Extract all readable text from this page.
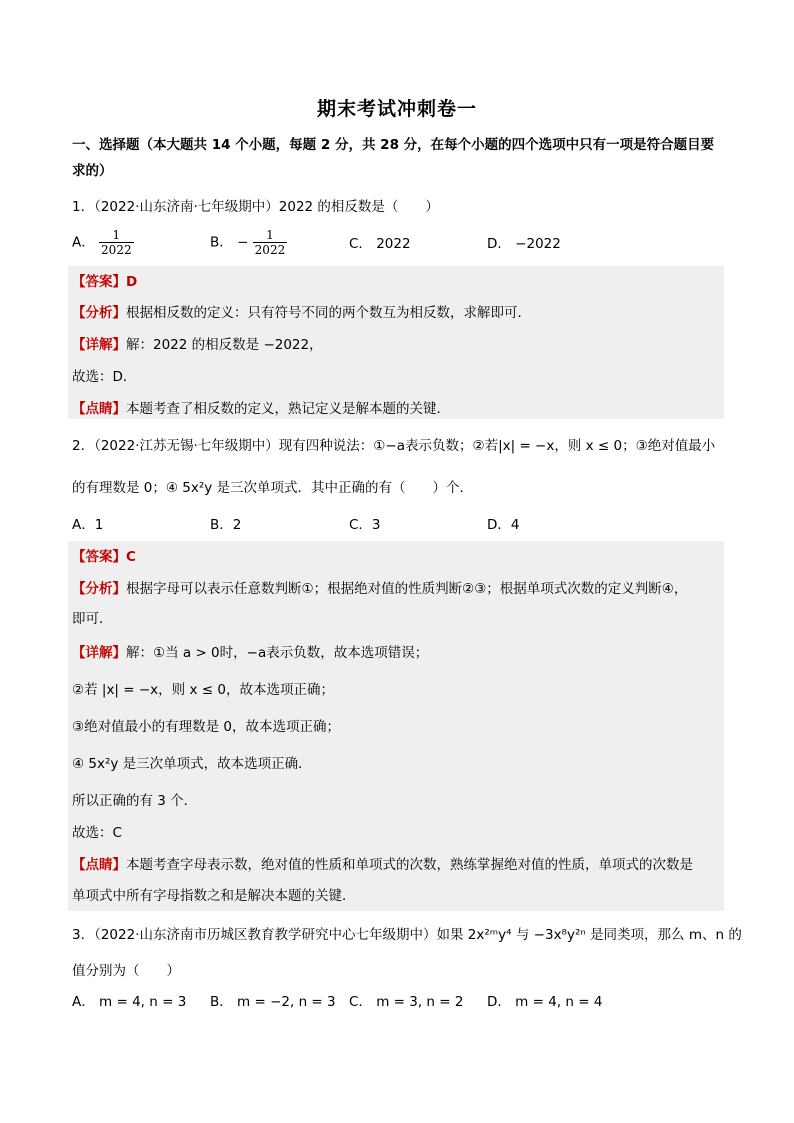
期末考试冲刺卷一
一、选择题（本大题共 14 个小题，每题 2 分，共 28 分，在每个小题的四个选项中只有一项是符合题目要
求的）
1．（2022·山东济南·七年级期中）2022 的相反数是（　　）
A． $\frac{1}{2022}$	B． − $\frac{1}{2022}$	C． 2022	D． −2022
【答案】D
【分析】根据相反数的定义：只有符号不同的两个数互为相反数，求解即可．
【详解】解：2022 的相反数是 −2022，
故选：D．
【点睛】本题考查了相反数的定义，熟记定义是解本题的关键．
2．（2022·江苏无锡·七年级期中）现有四种说法：①−a表示负数；②若|x| = −x，则 x ≤ 0；③绝对值最小
的有理数是 0；④ 5x²y 是三次单项式．其中正确的有（　　）个．
A．1	B．2	C．3	D．4
【答案】C
【分析】根据字母可以表示任意数判断①；根据绝对值的性质判断②③；根据单项式次数的定义判断④，
即可．
【详解】解：①当 a > 0时，−a表示负数，故本选项错误；
②若 |x| = −x，则 x ≤ 0，故本选项正确；
③绝对值最小的有理数是 0，故本选项正确；
④ 5x²y 是三次单项式，故本选项正确．
所以正确的有 3 个．
故选：C
【点睛】本题考查字母表示数，绝对值的性质和单项式的次数，熟练掌握绝对值的性质，单项式的次数是
单项式中所有字母指数之和是解决本题的关键．
3．（2022·山东济南市历城区教育教学研究中心七年级期中）如果 2x²ᵐy⁴ 与 −3x⁸y²ⁿ 是同类项，那么 m、n 的
值分别为（　　）
A． m = 4, n = 3 B． m = −2, n = 3 C． m = 3, n = 2 D． m = 4, n = 4
